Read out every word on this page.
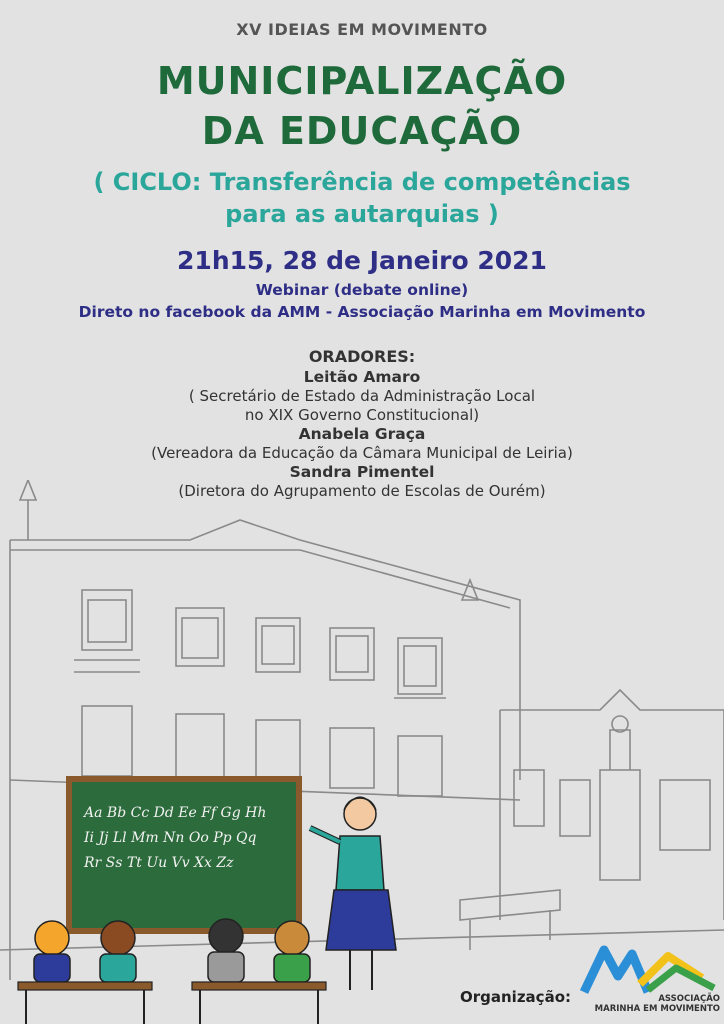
XV IDEIAS EM MOVIMENTO
MUNICIPALIZAÇÃO
DA EDUCAÇÃO
( CICLO: Transferência de competências
para as autarquias )
21h15, 28 de Janeiro 2021
Webinar (debate online)
Direto no facebook da AMM - Associação Marinha em Movimento
ORADORES:
Leitão Amaro
( Secretário de Estado da Administração Local
no XIX Governo Constitucional)
Anabela Graça
(Vereadora da Educação da Câmara Municipal de Leiria)
Sandra Pimentel
(Diretora do Agrupamento de Escolas de Ourém)
Aa Bb Cc Dd Ee Ff Gg Hh
Ii Jj Ll Mm Nn Oo Pp Qq
Rr Ss Tt Uu Vv Xx Zz
Organização:	ASSOCIAÇÃO
MARINHA EM MOVIMENTO
